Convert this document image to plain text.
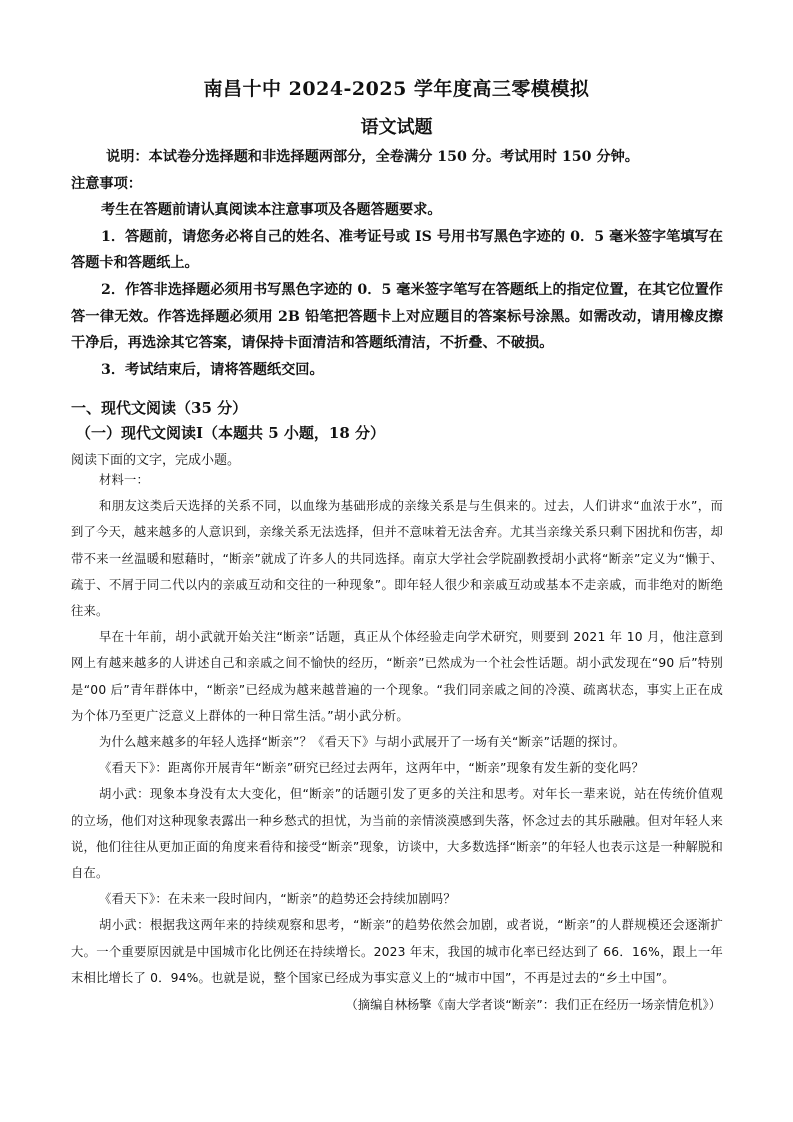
南昌十中 2024-2025 学年度高三零模模拟
语文试题
说明：本试卷分选择题和非选择题两部分，全卷满分 150 分。考试用时 150 分钟。
注意事项：
考生在答题前请认真阅读本注意事项及各题答题要求。
1．答题前，请您务必将自己的姓名、准考证号或 IS 号用书写黑色字迹的 0．5 毫米签字笔填写在答题卡和答题纸上。
2．作答非选择题必须用书写黑色字迹的 0．5 毫米签字笔写在答题纸上的指定位置，在其它位置作答一律无效。作答选择题必须用 2B 铅笔把答题卡上对应题目的答案标号涂黑。如需改动，请用橡皮擦干净后，再选涂其它答案，请保持卡面清洁和答题纸清洁，不折叠、不破损。
3．考试结束后，请将答题纸交回。
一、现代文阅读（35 分）
（一）现代文阅读Ⅰ（本题共 5 小题，18 分）
阅读下面的文字，完成小题。

材料一：

和朋友这类后天选择的关系不同，以血缘为基础形成的亲缘关系是与生俱来的。过去，人们讲求“血浓于水”，而到了今天，越来越多的人意识到，亲缘关系无法选择，但并不意味着无法舍弃。尤其当亲缘关系只剩下困扰和伤害，却带不来一丝温暖和慰藉时，“断亲”就成了许多人的共同选择。南京大学社会学院副教授胡小武将“断亲”定义为“懒于、疏于、不屑于同二代以内的亲戚互动和交往的一种现象”。即年轻人很少和亲戚互动或基本不走亲戚，而非绝对的断绝往来。

早在十年前，胡小武就开始关注“断亲”话题，真正从个体经验走向学术研究，则要到 2021 年 10 月，他注意到网上有越来越多的人讲述自己和亲戚之间不愉快的经历，“断亲”已然成为一个社会性话题。胡小武发现在“90 后”特别是“00 后”青年群体中，“断亲”已经成为越来越普遍的一个现象。“我们同亲戚之间的冷漠、疏离状态，事实上正在成为个体乃至更广泛意义上群体的一种日常生活。”胡小武分析。

为什么越来越多的年轻人选择“断亲”？《看天下》与胡小武展开了一场有关“断亲”话题的探讨。

《看天下》：距离你开展青年“断亲”研究已经过去两年，这两年中，“断亲”现象有发生新的变化吗？

胡小武：现象本身没有太大变化，但“断亲”的话题引发了更多的关注和思考。对年长一辈来说，站在传统价值观的立场，他们对这种现象表露出一种乡愁式的担忧，为当前的亲情淡漠感到失落，怀念过去的其乐融融。但对年轻人来说，他们往往从更加正面的角度来看待和接受“断亲”现象，访谈中，大多数选择“断亲”的年轻人也表示这是一种解脱和自在。

《看天下》：在未来一段时间内，“断亲”的趋势还会持续加剧吗？

胡小武：根据我这两年来的持续观察和思考，“断亲”的趋势依然会加剧，或者说，“断亲”的人群规模还会逐渐扩大。一个重要原因就是中国城市化比例还在持续增长。2023 年末，我国的城市化率已经达到了 66．16%，跟上一年末相比增长了 0．94%。也就是说，整个国家已经成为事实意义上的“城市中国”，不再是过去的“乡土中国”。

（摘编自林杨擎《南大学者谈“断亲”：我们正在经历一场亲情危机》）
